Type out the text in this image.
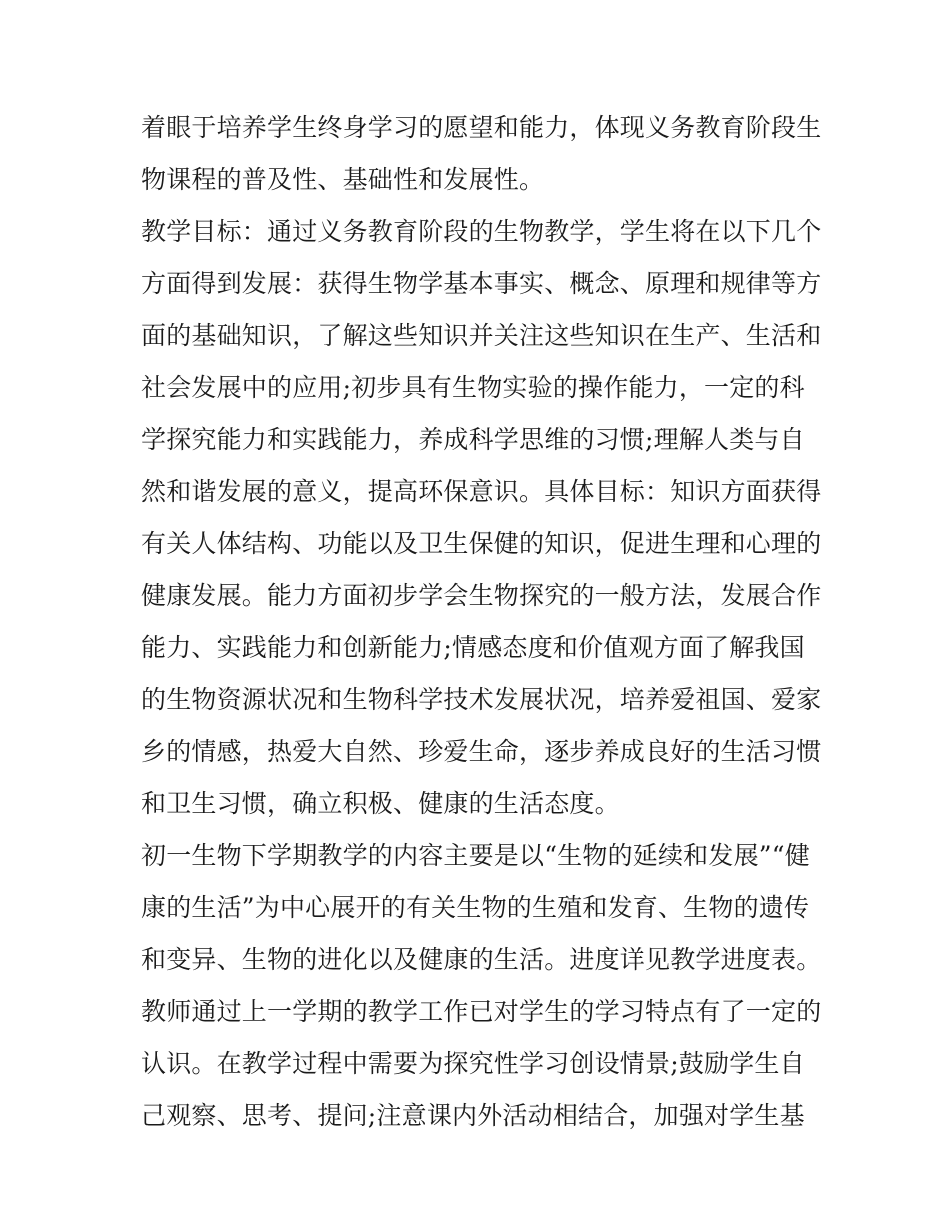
着眼于培养学生终身学习的愿望和能力，体现义务教育阶段生
物课程的普及性、基础性和发展性。
教学目标：通过义务教育阶段的生物教学，学生将在以下几个
方面得到发展：获得生物学基本事实、概念、原理和规律等方
面的基础知识，了解这些知识并关注这些知识在生产、生活和
社会发展中的应用;初步具有生物实验的操作能力，一定的科
学探究能力和实践能力，养成科学思维的习惯;理解人类与自
然和谐发展的意义，提高环保意识。具体目标：知识方面获得
有关人体结构、功能以及卫生保健的知识，促进生理和心理的
健康发展。能力方面初步学会生物探究的一般方法，发展合作
能力、实践能力和创新能力;情感态度和价值观方面了解我国
的生物资源状况和生物科学技术发展状况，培养爱祖国、爱家
乡的情感，热爱大自然、珍爱生命，逐步养成良好的生活习惯
和卫生习惯，确立积极、健康的生活态度。
初一生物下学期教学的内容主要是以“生物的延续和发展”“健
康的生活”为中心展开的有关生物的生殖和发育、生物的遗传
和变异、生物的进化以及健康的生活。进度详见教学进度表。
教师通过上一学期的教学工作已对学生的学习特点有了一定的
认识。在教学过程中需要为探究性学习创设情景;鼓励学生自
己观察、思考、提问;注意课内外活动相结合，加强对学生基
